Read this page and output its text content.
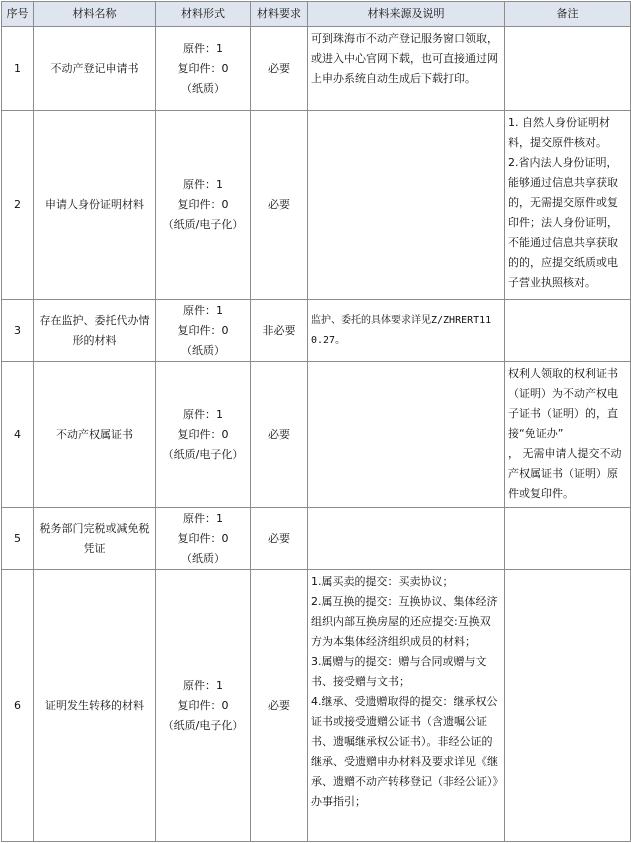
序号	材料名称	材料形式	材料要求	材料来源及说明	备注
1	不动产登记申请书	原件：1
复印件：0
（纸质）	必要	可到珠海市不动产登记服务窗口领取，或进入中心官网下载，也可直接通过网上申办系统自动生成后下载打印。	
2	申请人身份证明材料	原件：1
复印件：0
（纸质/电子化）	必要		1. 自然人身份证明材料，提交原件核对。
2.省内法人身份证明，能够通过信息共享获取的，无需提交原件或复印件；法人身份证明，不能通过信息共享获取的的，应提交纸质或电子营业执照核对。

3	存在监护、委托代办情形的材料	原件：1
复印件：0
（纸质）	非必要	监护、委托的具体要求详见Z/ZHRERT110.27。	
4	不动产权属证书	原件：1
复印件：0
（纸质/电子化）	必要		权利人领取的权利证书（证明）为不动产权电子证书（证明）的，直接“免证办”
， 无需申请人提交不动产权属证书（证明）原件或复印件。

5	税务部门完税或减免税凭证	原件：1
复印件：0
（纸质）	必要		
6	证明发生转移的材料	原件：1
复印件：0
（纸质/电子化）	必要	1.属买卖的提交：买卖协议；
2.属互换的提交：互换协议、集体经济组织内部互换房屋的还应提交:互换双方为本集体经济组织成员的材料；
3.属赠与的提交：赠与合同或赠与文书、接受赠与文书；
4.继承、受遗赠取得的提交：继承权公证书或接受遗赠公证书（含遗嘱公证书、遗嘱继承权公证书）。非经公证的继承、受遗赠申办材料及要求详见《继承、遗赠不动产转移登记（非经公证）》办事指引；	
